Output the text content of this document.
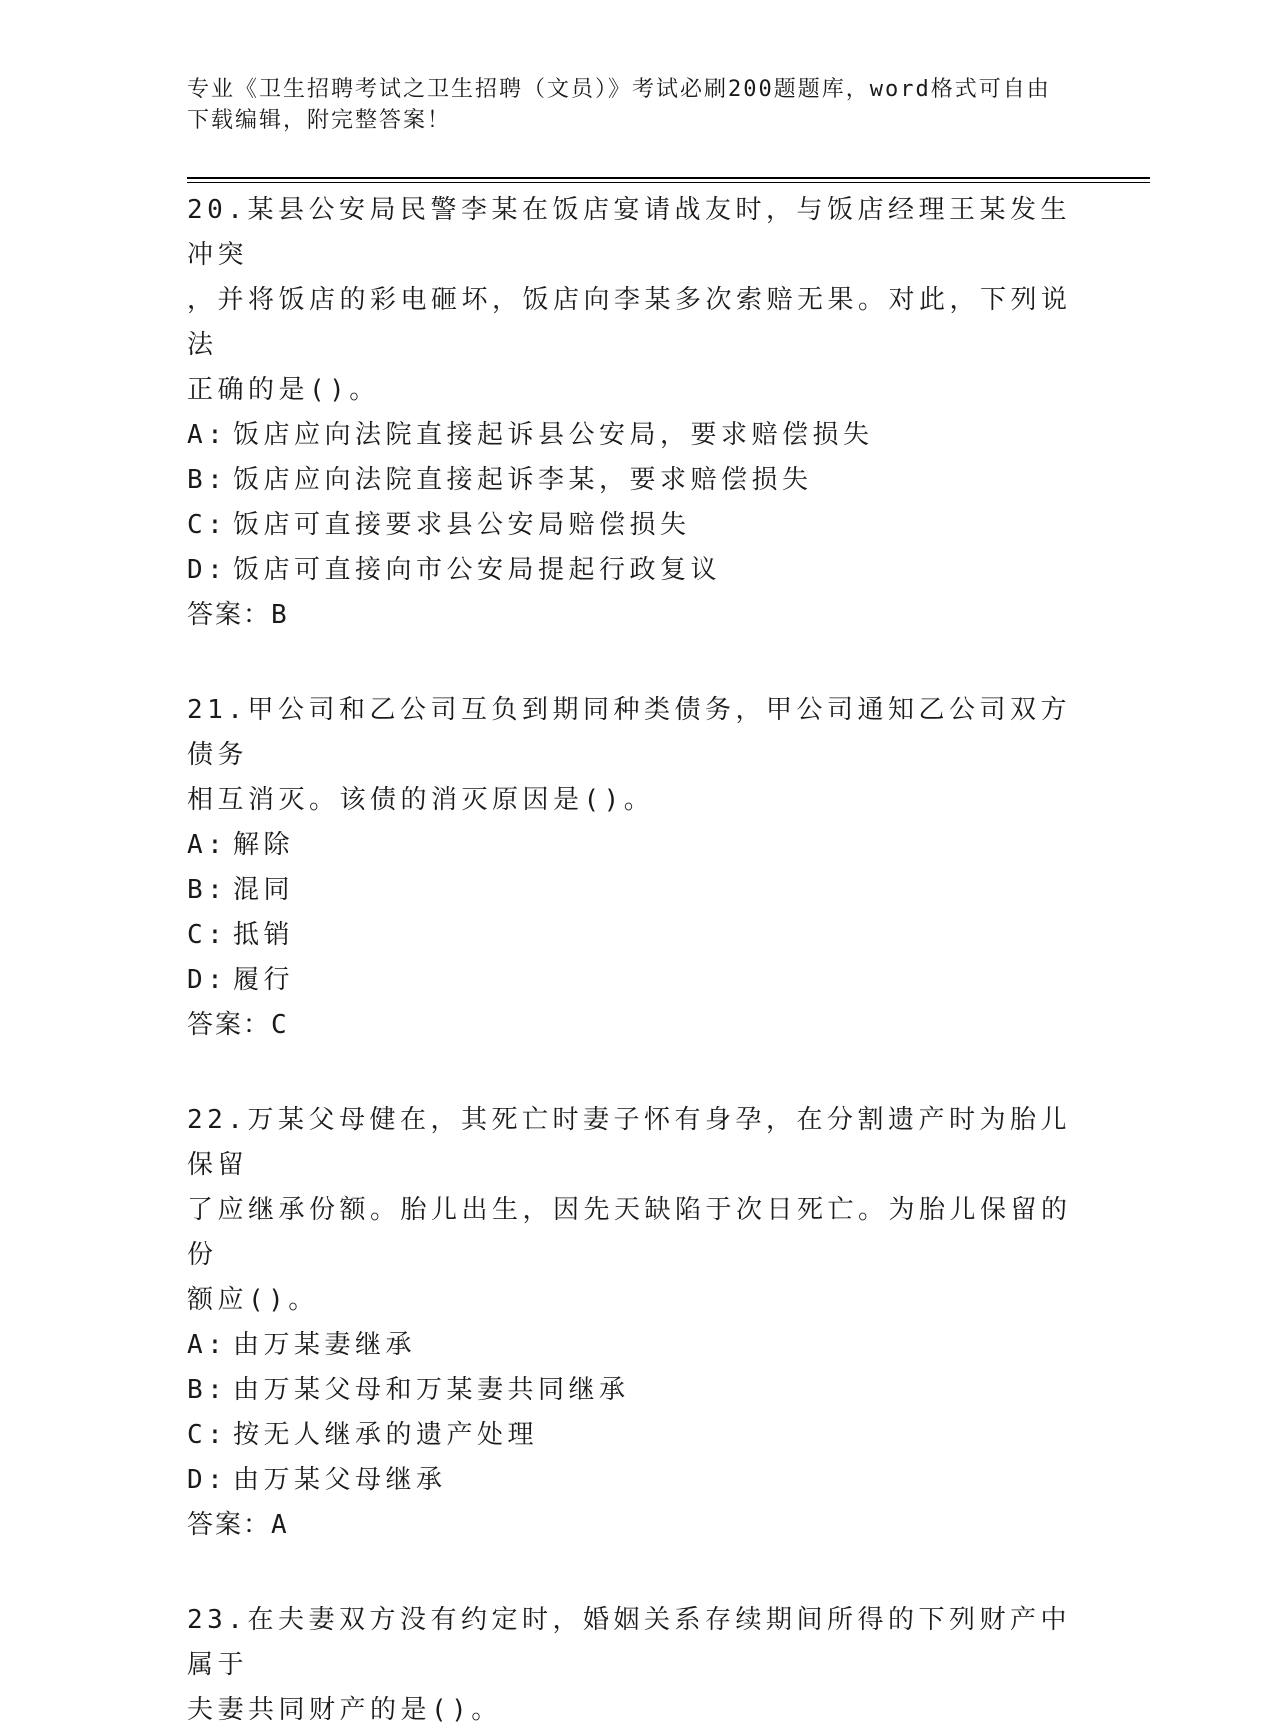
专业《卫生招聘考试之卫生招聘（文员）》考试必刷200题题库，word格式可自由下载编辑，附完整答案！

20.某县公安局民警李某在饭店宴请战友时，与饭店经理王某发生冲突

，并将饭店的彩电砸坏，饭店向李某多次索赔无果。对此，下列说法

正确的是()。

A: 饭店应向法院直接起诉县公安局，要求赔偿损失

B: 饭店应向法院直接起诉李某，要求赔偿损失

C: 饭店可直接要求县公安局赔偿损失

D: 饭店可直接向市公安局提起行政复议

答案：B

21.甲公司和乙公司互负到期同种类债务，甲公司通知乙公司双方债务

相互消灭。该债的消灭原因是()。

A: 解除

B: 混同

C: 抵销

D: 履行

答案：C

22.万某父母健在，其死亡时妻子怀有身孕，在分割遗产时为胎儿保留

了应继承份额。胎儿出生，因先天缺陷于次日死亡。为胎儿保留的份

额应()。

A: 由万某妻继承

B: 由万某父母和万某妻共同继承

C: 按无人继承的遗产处理

D: 由万某父母继承

答案：A

23.在夫妻双方没有约定时，婚姻关系存续期间所得的下列财产中属于

夫妻共同财产的是()。
